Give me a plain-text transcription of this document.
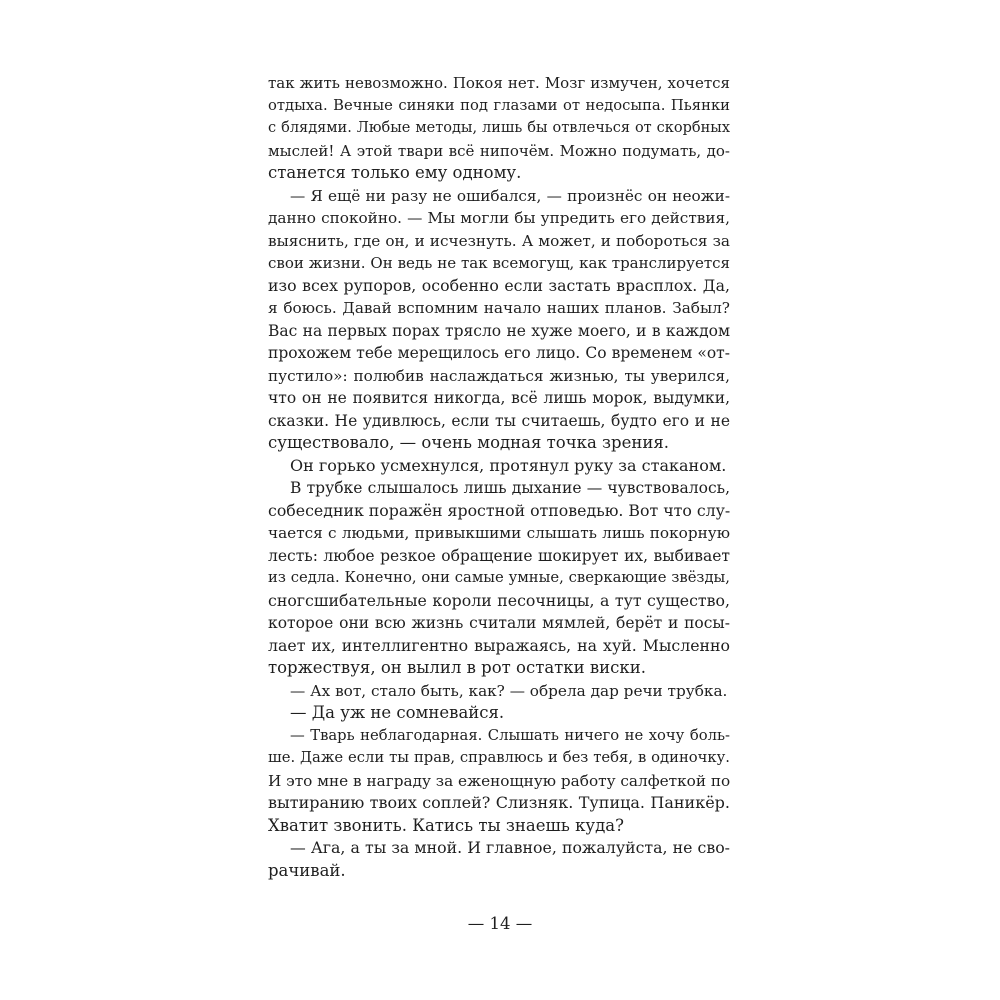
так жить невозможно. Покоя нет. Мозг измучен, хочется
отдыха. Вечные синяки под глазами от недосыпа. Пьянки
с блядями. Любые методы, лишь бы отвлечься от скорбных
мыслей! А этой твари всё нипочём. Можно подумать, до-
станется только ему одному.
— Я ещё ни разу не ошибался, — произнёс он неожи-
данно спокойно. — Мы могли бы упредить его действия,
выяснить, где он, и исчезнуть. А может, и побороться за
свои жизни. Он ведь не так всемогущ, как транслируется
изо всех рупоров, особенно если застать врасплох. Да,
я боюсь. Давай вспомним начало наших планов. Забыл?
Вас на первых порах трясло не хуже моего, и в каждом
прохожем тебе мерещилось его лицо. Со временем «от-
пустило»: полюбив наслаждаться жизнью, ты уверился,
что он не появится никогда, всё лишь морок, выдумки,
сказки. Не удивлюсь, если ты считаешь, будто его и не
существовало, — очень модная точка зрения.
Он горько усмехнулся, протянул руку за стаканом.
В трубке слышалось лишь дыхание — чувствовалось,
собеседник поражён яростной отповедью. Вот что слу-
чается с людьми, привыкшими слышать лишь покорную
лесть: любое резкое обращение шокирует их, выбивает
из седла. Конечно, они самые умные, сверкающие звёзды,
сногсшибательные короли песочницы, а тут существо,
которое они всю жизнь считали мямлей, берёт и посы-
лает их, интеллигентно выражаясь, на хуй. Мысленно
торжествуя, он вылил в рот остатки виски.
— Ах вот, стало быть, как? — обрела дар речи трубка.
— Да уж не сомневайся.
— Тварь неблагодарная. Слышать ничего не хочу боль-
ше. Даже если ты прав, справлюсь и без тебя, в одиночку.
И это мне в награду за еженощную работу салфеткой по
вытиранию твоих соплей? Слизняк. Тупица. Паникёр.
Хватит звонить. Катись ты знаешь куда?
— Ага, а ты за мной. И главное, пожалуйста, не сво-
рачивай.
— 14 —
